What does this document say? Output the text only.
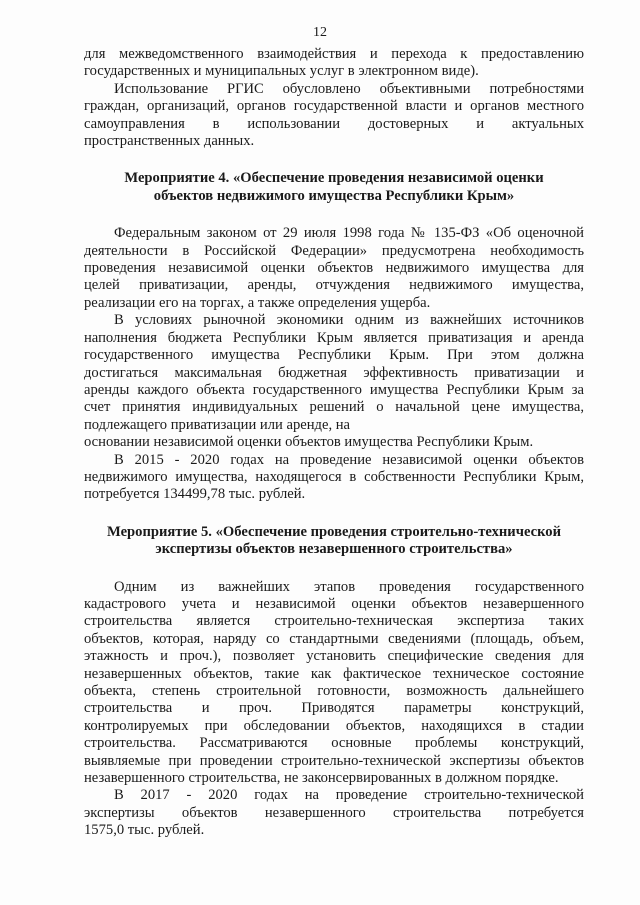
12
для межведомственного взаимодействия и перехода к предоставлению
государственных и муниципальных услуг в электронном виде).
Использование РГИС обусловлено объективными потребностями
граждан, организаций, органов государственной власти и органов местного
самоуправления в использовании достоверных и актуальных
пространственных данных.
Мероприятие 4. «Обеспечение проведения независимой оценки
объектов недвижимого имущества Республики Крым»
Федеральным законом от 29 июля 1998 года № 135-ФЗ «Об оценочной
деятельности в Российской Федерации» предусмотрена необходимость
проведения независимой оценки объектов недвижимого имущества для
целей приватизации, аренды, отчуждения недвижимого имущества,
реализации его на торгах, а также определения ущерба.
В условиях рыночной экономики одним из важнейших источников
наполнения бюджета Республики Крым является приватизация и аренда
государственного имущества Республики Крым. При этом должна
достигаться максимальная бюджетная эффективность приватизации и
аренды каждого объекта государственного имущества Республики Крым за
счет принятия индивидуальных решений о начальной цене имущества,
подлежащего приватизации или аренде, на
основании независимой оценки объектов имущества Республики Крым.
В 2015 - 2020 годах на проведение независимой оценки объектов
недвижимого имущества, находящегося в собственности Республики Крым,
потребуется 134499,78 тыс. рублей.
Мероприятие 5. «Обеспечение проведения строительно-технической
экспертизы объектов незавершенного строительства»
Одним из важнейших этапов проведения государственного
кадастрового учета и независимой оценки объектов незавершенного
строительства является строительно-техническая экспертиза таких
объектов, которая, наряду со стандартными сведениями (площадь, объем,
этажность и проч.), позволяет установить специфические сведения для
незавершенных объектов, такие как фактическое техническое состояние
объекта, степень строительной готовности, возможность дальнейшего
строительства и проч. Приводятся параметры конструкций,
контролируемых при обследовании объектов, находящихся в стадии
строительства. Рассматриваются основные проблемы конструкций,
выявляемые при проведении строительно-технической экспертизы объектов
незавершенного строительства, не законсервированных в должном порядке.
В 2017 - 2020 годах на проведение строительно-технической
экспертизы объектов незавершенного строительства потребуется
1575,0 тыс. рублей.
